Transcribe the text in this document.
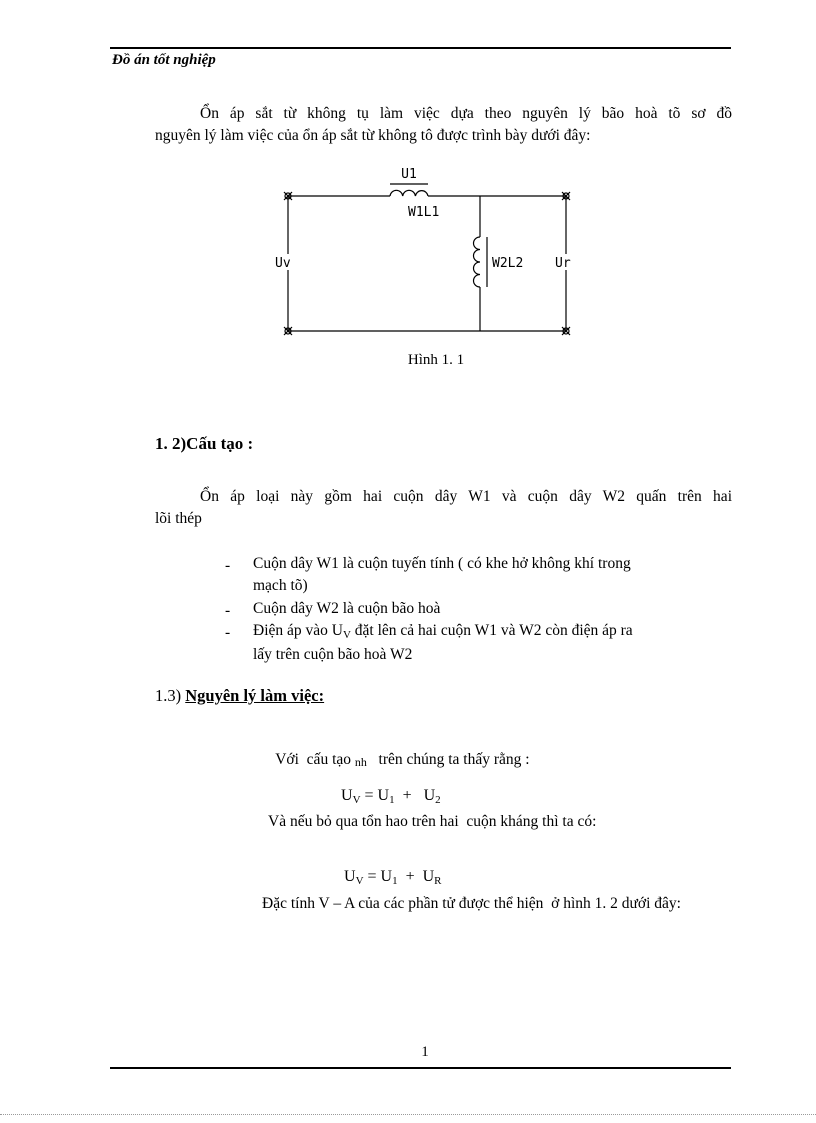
Đồ án tốt nghiệp
Ổn áp sắt từ không tụ làm việc dựa theo nguyên lý bão hoà tõ sơ đồ
nguyên lý làm việc của ổn áp sắt từ không tô được trình bày dưới đây:
U1
W1L1
W2L2
Uv	Ur
Hình 1. 1
1. 2)Cấu tạo :
Ổn áp loại này gồm hai cuộn dây W1 và cuộn dây W2 quấn trên hai
lõi thép
-	Cuộn dây W1 là cuộn tuyến tính ( có khe hở không khí trong
mạch tõ)
-	Cuộn dây W2 là cuộn bão hoà
-	Điện áp vào UV đặt lên cả hai cuộn W1 và W2 còn điện áp ra
lấy trên cuộn bão hoà W2
1.3) Nguyên lý làm việc:

Với  cấu tạo nh   trên chúng ta thấy rằng :

UV = U1  +   U2

Và nếu bỏ qua tổn hao trên hai  cuộn kháng thì ta có:

UV = U1  +  UR

Đặc tính V – A của các phần tử được thể hiện  ở hình 1. 2 dưới đây:
1
